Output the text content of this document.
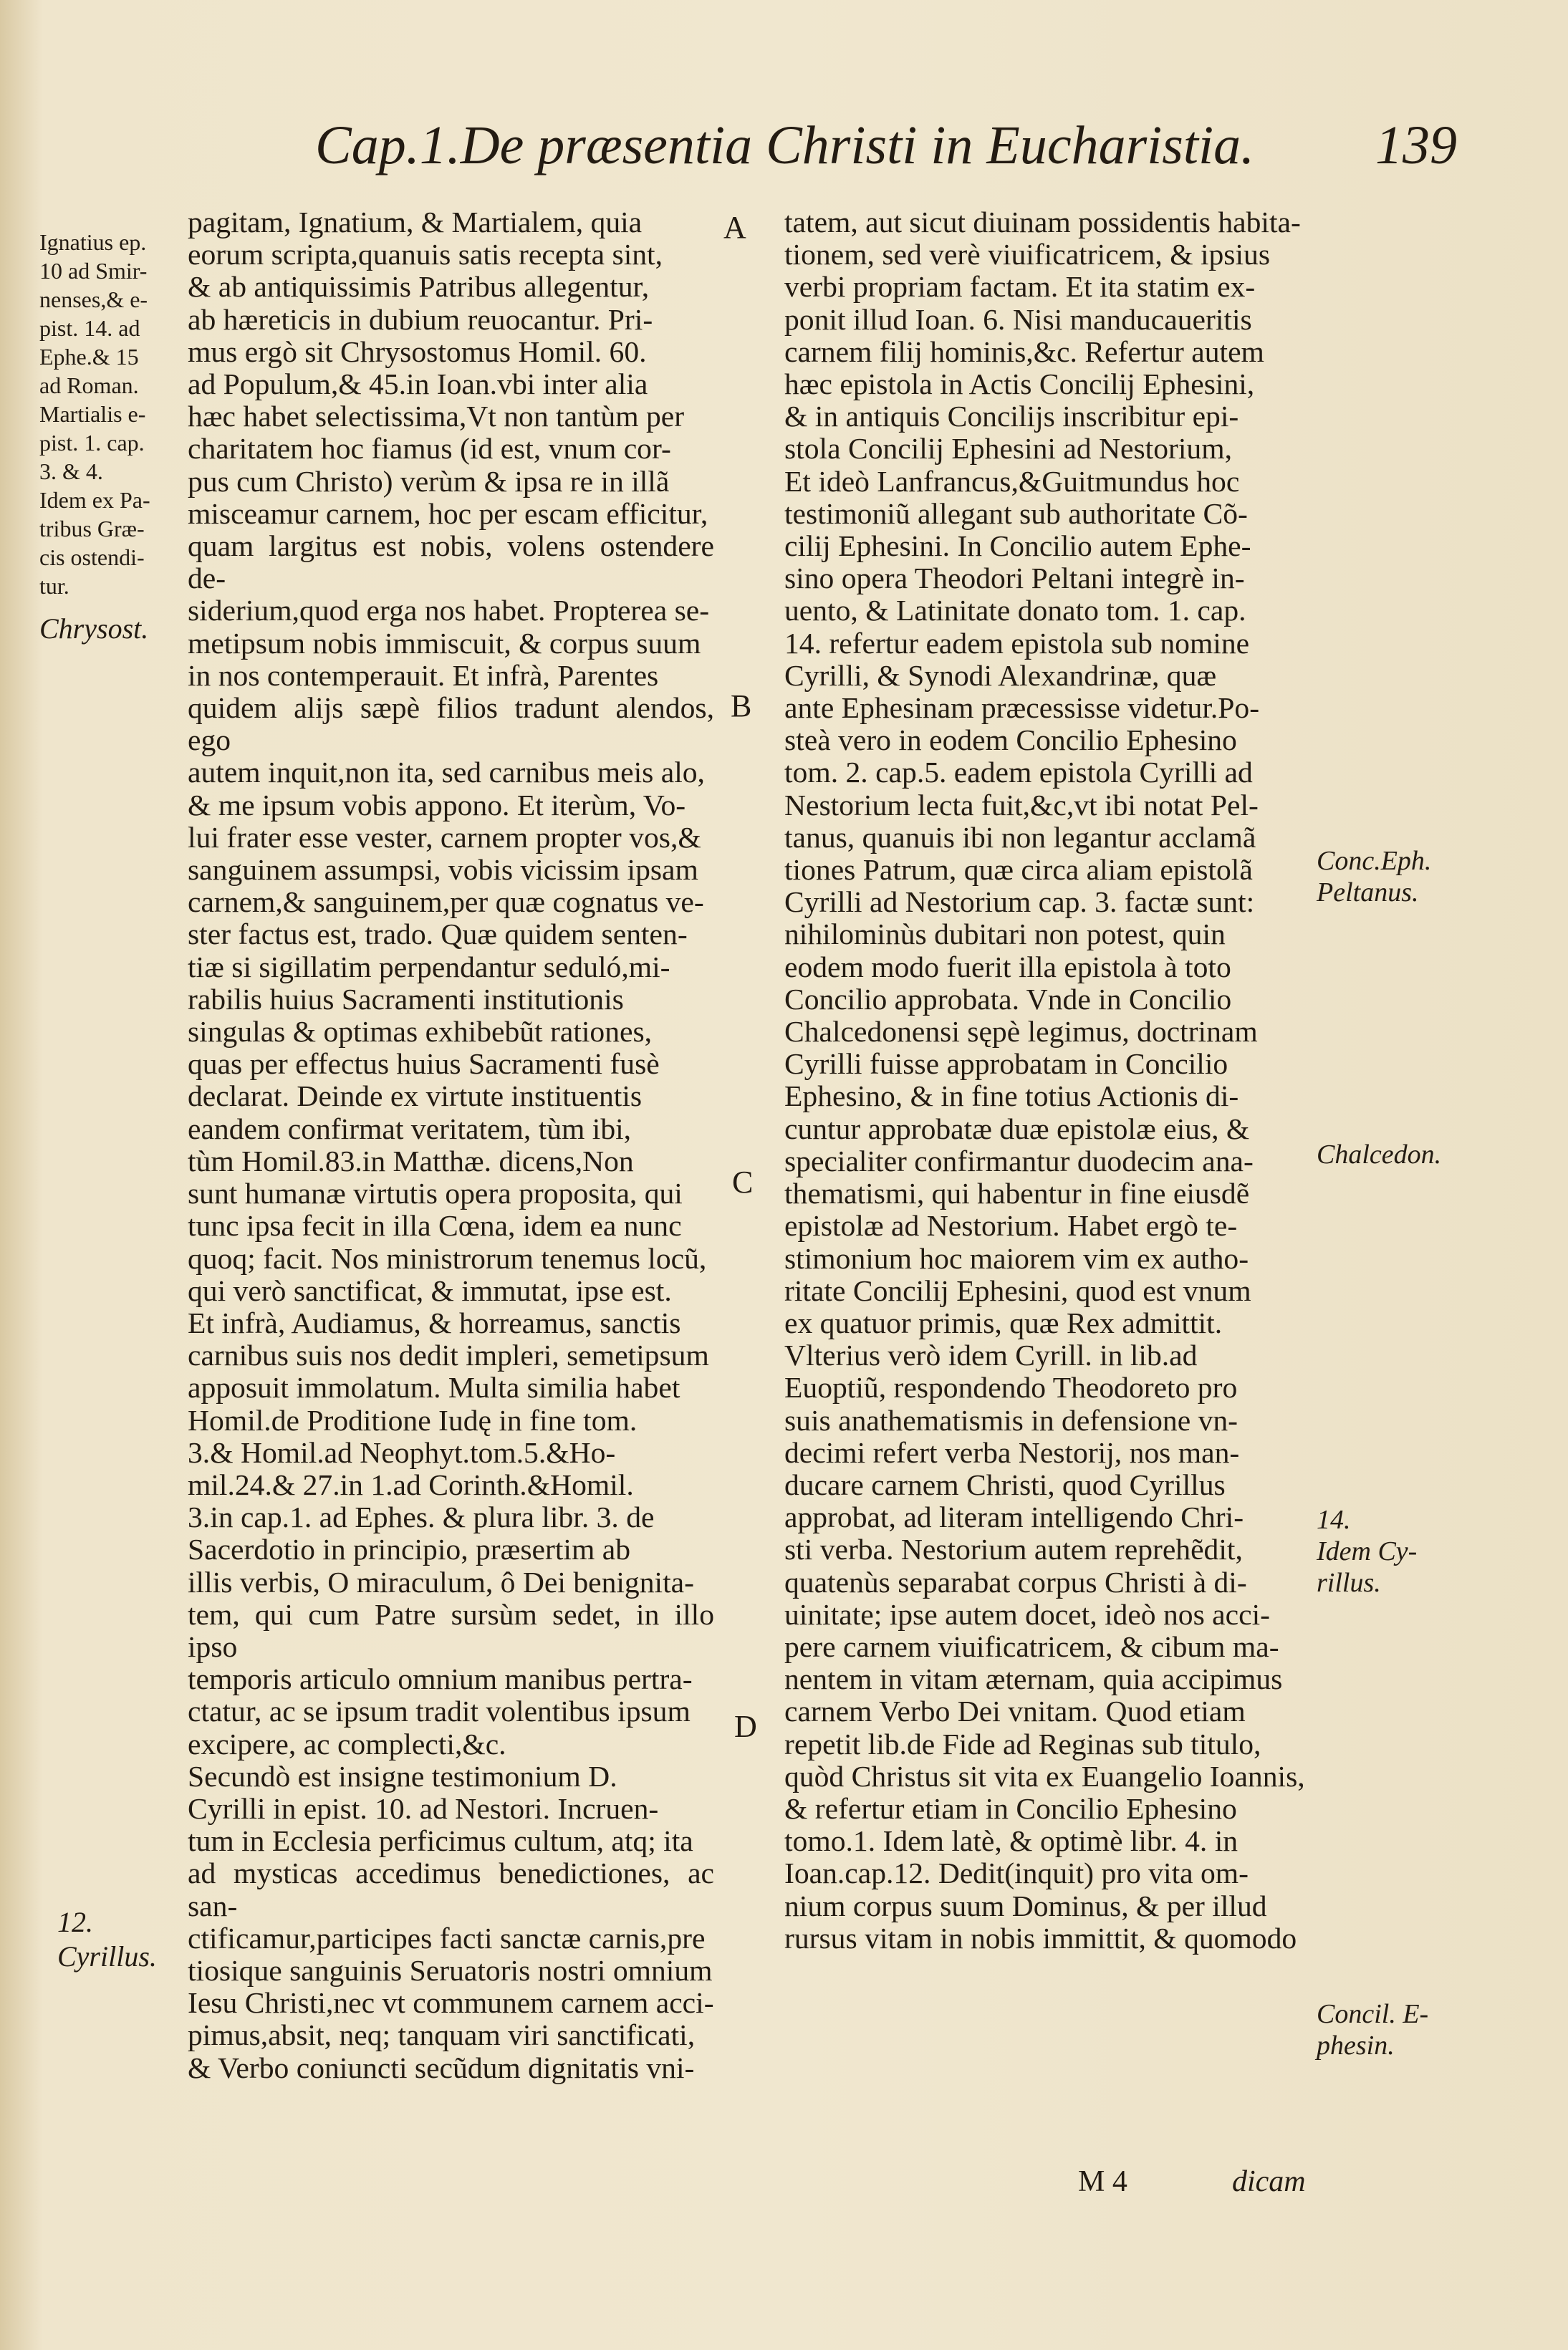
Cap.1.De præsentia Christi in Eucharistia. 139
Ignatius ep.
10 ad Smir-
nenses,& e-
pist. 14. ad
Ephe.& 15
ad Roman.
Martialis e-
pist. 1. cap.
3. & 4.
Idem ex Pa-
tribus Græ-
cis ostendi-
tur.
Chrysost.
12.
Cyrillus.
pagitam, Ignatium, & Martialem, quia
eorum scripta,quanuis satis recepta sint,
& ab antiquissimis Patribus allegentur,
ab hæreticis in dubium reuocantur. Pri-
mus ergò sit Chrysostomus Homil. 60.
ad Populum,& 45.in Ioan.vbi inter alia
hæc habet selectissima,Vt non tantùm per
charitatem hoc fiamus (id est, vnum cor-
pus cum Christo) verùm & ipsa re in illã
misceamur carnem, hoc per escam efficitur,
quam largitus est nobis, volens ostendere de-
siderium,quod erga nos habet. Propterea se-
metipsum nobis immiscuit, & corpus suum
in nos contemperauit. Et infrà, Parentes
quidem alijs sæpè filios tradunt alendos, ego
autem inquit,non ita, sed carnibus meis alo,
& me ipsum vobis appono. Et iterùm, Vo-
lui frater esse vester, carnem propter vos,&
sanguinem assumpsi, vobis vicissim ipsam
carnem,& sanguinem,per quæ cognatus ve-
ster factus est, trado. Quæ quidem senten-
tiæ si sigillatim perpendantur seduló,mi-
rabilis huius Sacramenti institutionis
singulas & optimas exhibebũt rationes,
quas per effectus huius Sacramenti fusè
declarat. Deinde ex virtute instituentis
eandem confirmat veritatem, tùm ibi,
tùm Homil.83.in Matthæ. dicens,Non
sunt humanæ virtutis opera proposita, qui
tunc ipsa fecit in illa Cœna, idem ea nunc
quoq; facit. Nos ministrorum tenemus locũ,
qui verò sanctificat, & immutat, ipse est.
Et infrà, Audiamus, & horreamus, sanctis
carnibus suis nos dedit impleri, semetipsum
apposuit immolatum. Multa similia habet
Homil.de Proditione Iudę in fine tom.
3.& Homil.ad Neophyt.tom.5.&Ho-
mil.24.& 27.in 1.ad Corinth.&Homil.
3.in cap.1. ad Ephes. & plura libr. 3. de
Sacerdotio in principio, præsertim ab
illis verbis, O miraculum, ô Dei benignita-
tem, qui cum Patre sursùm sedet, in illo ipso
temporis articulo omnium manibus pertra-
ctatur, ac se ipsum tradit volentibus ipsum
excipere, ac complecti,&c.
Secundò est insigne testimonium D.
Cyrilli in epist. 10. ad Nestori. Incruen-
tum in Ecclesia perficimus cultum, atq; ita
ad mysticas accedimus benedictiones, ac san-
ctificamur,participes facti sanctæ carnis,pre
tiosique sanguinis Seruatoris nostri omnium
Iesu Christi,nec vt communem carnem acci-
pimus,absit, neq; tanquam viri sanctificati,
& Verbo coniuncti secũdum dignitatis vni-
A
B
C
D
tatem, aut sicut diuinam possidentis habita-
tionem, sed verè viuificatricem, & ipsius
verbi propriam factam. Et ita statim ex-
ponit illud Ioan. 6. Nisi manducaueritis
carnem filij hominis,&c. Refertur autem
hæc epistola in Actis Concilij Ephesini,
& in antiquis Concilijs inscribitur epi-
stola Concilij Ephesini ad Nestorium,
Et ideò Lanfrancus,&Guitmundus hoc
testimoniũ allegant sub authoritate Cõ-
cilij Ephesini. In Concilio autem Ephe-
sino opera Theodori Peltani integrè in-
uento, & Latinitate donato tom. 1. cap.
14. refertur eadem epistola sub nomine
Cyrilli, & Synodi Alexandrinæ, quæ
ante Ephesinam præcessisse videtur.Po-
steà vero in eodem Concilio Ephesino
tom. 2. cap.5. eadem epistola Cyrilli ad
Nestorium lecta fuit,&c,vt ibi notat Pel-
tanus, quanuis ibi non legantur acclamã
tiones Patrum, quæ circa aliam epistolã
Cyrilli ad Nestorium cap. 3. factæ sunt:
nihilominùs dubitari non potest, quin
eodem modo fuerit illa epistola à toto
Concilio approbata. Vnde in Concilio
Chalcedonensi sępè legimus, doctrinam
Cyrilli fuisse approbatam in Concilio
Ephesino, & in fine totius Actionis di-
cuntur approbatæ duæ epistolæ eius, &
specialiter confirmantur duodecim ana-
thematismi, qui habentur in fine eiusdẽ
epistolæ ad Nestorium. Habet ergò te-
stimonium hoc maiorem vim ex autho-
ritate Concilij Ephesini, quod est vnum
ex quatuor primis, quæ Rex admittit.
Vlterius verò idem Cyrill. in lib.ad
Euoptiũ, respondendo Theodoreto pro
suis anathematismis in defensione vn-
decimi refert verba Nestorij, nos man-
ducare carnem Christi, quod Cyrillus
approbat, ad literam intelligendo Chri-
sti verba. Nestorium autem reprehẽdit,
quatenùs separabat corpus Christi à di-
uinitate; ipse autem docet, ideò nos acci-
pere carnem viuificatricem, & cibum ma-
nentem in vitam æternam, quia accipimus
carnem Verbo Dei vnitam. Quod etiam
repetit lib.de Fide ad Reginas sub titulo,
quòd Christus sit vita ex Euangelio Ioannis,
& refertur etiam in Concilio Ephesino
tomo.1. Idem latè, & optimè libr. 4. in
Ioan.cap.12. Dedit(inquit) pro vita om-
nium corpus suum Dominus, & per illud
rursus vitam in nobis immittit, & quomodo
Conc.Eph.
Peltanus.
Chalcedon.
14.
Idem Cy-
rillus.
Concil. E-
phesin.
M 4	dicam
